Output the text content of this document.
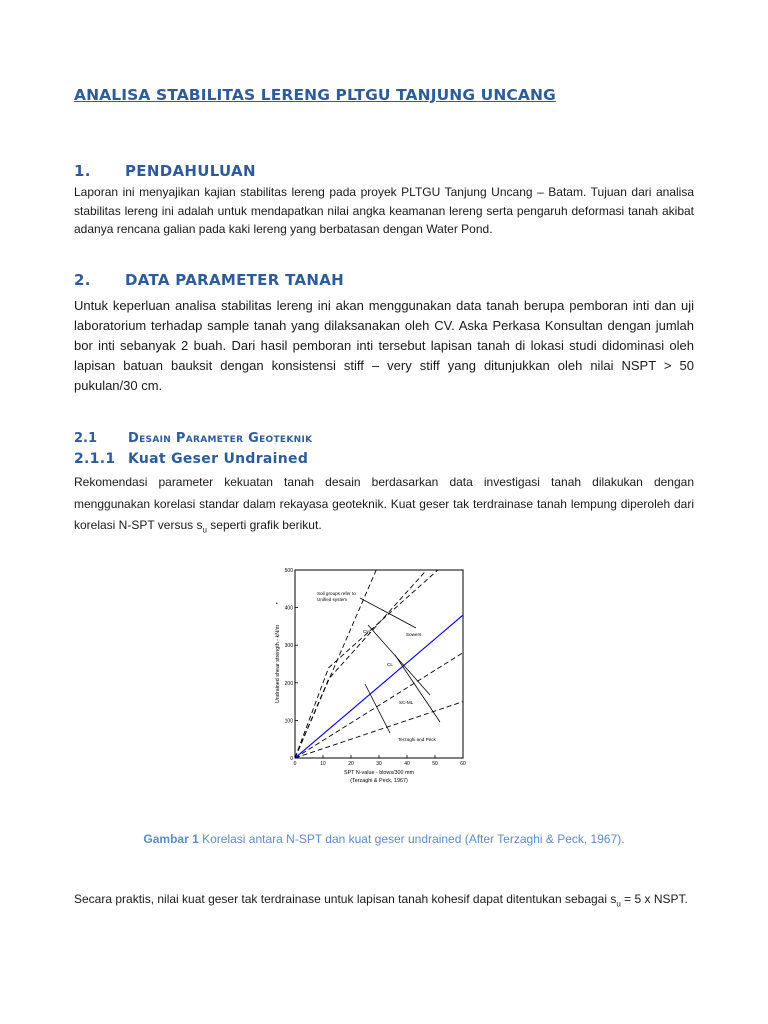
ANALISA STABILITAS LERENG PLTGU TANJUNG UNCANG
1. PENDAHULUAN

Laporan ini menyajikan kajian stabilitas lereng pada proyek PLTGU Tanjung Uncang – Batam. Tujuan dari analisa stabilitas lereng ini adalah untuk mendapatkan nilai angka keamanan lereng serta pengaruh deformasi tanah akibat adanya rencana galian pada kaki lereng yang berbatasan dengan Water Pond.

2. DATA PARAMETER TANAH

Untuk keperluan analisa stabilitas lereng ini akan menggunakan data tanah berupa pemboran inti dan uji laboratorium terhadap sample tanah yang dilaksanakan oleh CV. Aska Perkasa Konsultan dengan jumlah bor inti sebanyak 2 buah. Dari hasil pemboran inti tersebut lapisan tanah di lokasi studi didominasi oleh lapisan batuan bauksit dengan konsistensi stiff – very stiff yang ditunjukkan oleh nilai NSPT > 50 pukulan/30 cm.

2.1 Desain Parameter Geoteknik
2.1.1 Kuat Geser Undrained

Rekomendasi parameter kekuatan tanah desain berdasarkan data investigasi tanah dilakukan dengan menggunakan korelasi standar dalam rekayasa geoteknik. Kuat geser tak terdrainase tanah lempung diperoleh dari korelasi N-SPT versus $s_u$ seperti grafik berikut.

0	10	20	30	40	50	60
0
100
200
300
400
500
Soil groups refer to
Unified system
CH
Sowers
CL
SC-ML
Terzaghi and Peck
•
Undrained shear strength - kN/m
SPT N-value - blows/300 mm
(Terzaghi & Peck, 1967)

Gambar 1 Korelasi antara N-SPT dan kuat geser undrained (After Terzaghi & Peck, 1967).

Secara praktis, nilai kuat geser tak terdrainase untuk lapisan tanah kohesif dapat ditentukan sebagai $s_u = 5$ x NSPT.
